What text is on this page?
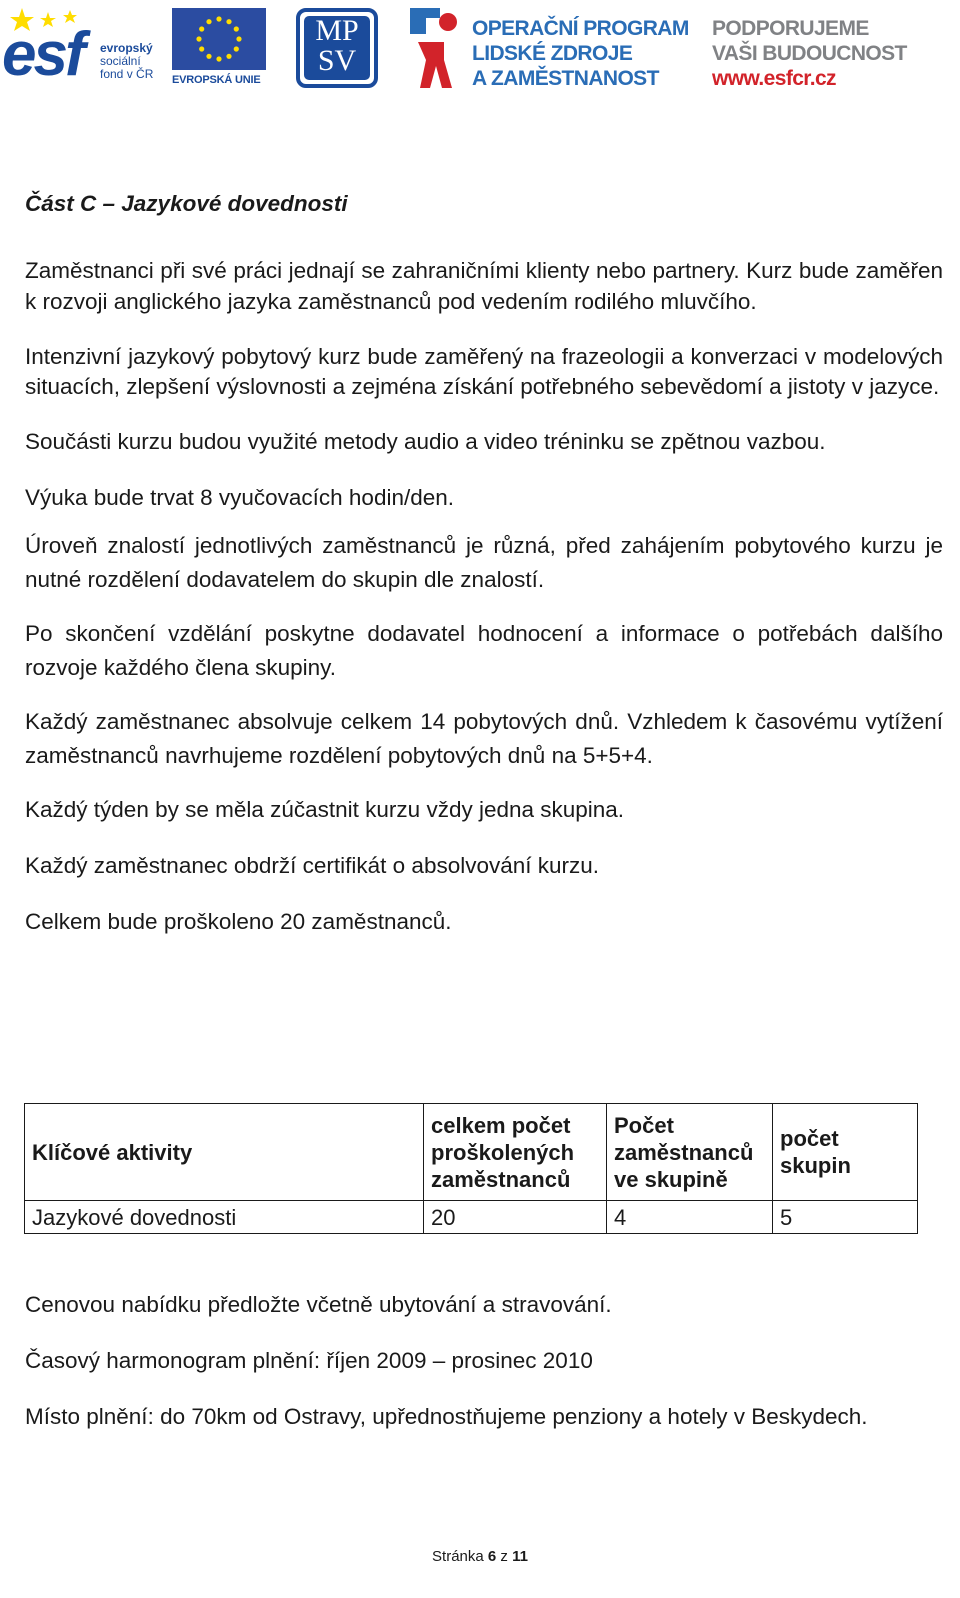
esf evropský
sociální
fond v ČR EVROPSKÁ UNIE
MP
SV
OPERAČNÍ PROGRAM
LIDSKÉ ZDROJE
A ZAMĚSTNANOST
PODPORUJEME
VAŠI BUDOUCNOST
www.esfcr.cz

Část C – Jazykové dovednosti

Zaměstnanci při své práci jednají se zahraničními klienty nebo partnery. Kurz bude zaměřen k rozvoji anglického jazyka zaměstnanců pod vedením rodilého mluvčího.

Intenzivní jazykový pobytový kurz bude zaměřený na frazeologii a konverzaci v modelových situacích, zlepšení výslovnosti a zejména získání potřebného sebevědomí a jistoty v jazyce.

Součásti kurzu budou využité metody audio a video tréninku se zpětnou vazbou.

Výuka bude trvat 8 vyučovacích hodin/den.

Úroveň znalostí jednotlivých zaměstnanců je různá, před zahájením pobytového kurzu je nutné rozdělení dodavatelem do skupin dle znalostí.

Po skončení vzdělání poskytne dodavatel hodnocení a informace o potřebách dalšího rozvoje každého člena skupiny.

Každý zaměstnanec absolvuje celkem 14 pobytových dnů. Vzhledem k časovému vytížení zaměstnanců navrhujeme rozdělení pobytových dnů na 5+5+4.

Každý týden by se měla zúčastnit kurzu vždy jedna skupina.

Každý zaměstnanec obdrží certifikát o absolvování kurzu.

Celkem bude proškoleno 20 zaměstnanců.

Klíčové aktivity	celkem počet proškolených zaměstnanců	Počet zaměstnanců ve skupině	počet skupin
Jazykové dovednosti	20	4	5

Cenovou nabídku předložte včetně ubytování a stravování.

Časový harmonogram plnění: říjen 2009 – prosinec 2010

Místo plnění: do 70km od Ostravy, upřednostňujeme penziony a hotely v Beskydech.

Stránka 6 z 11
